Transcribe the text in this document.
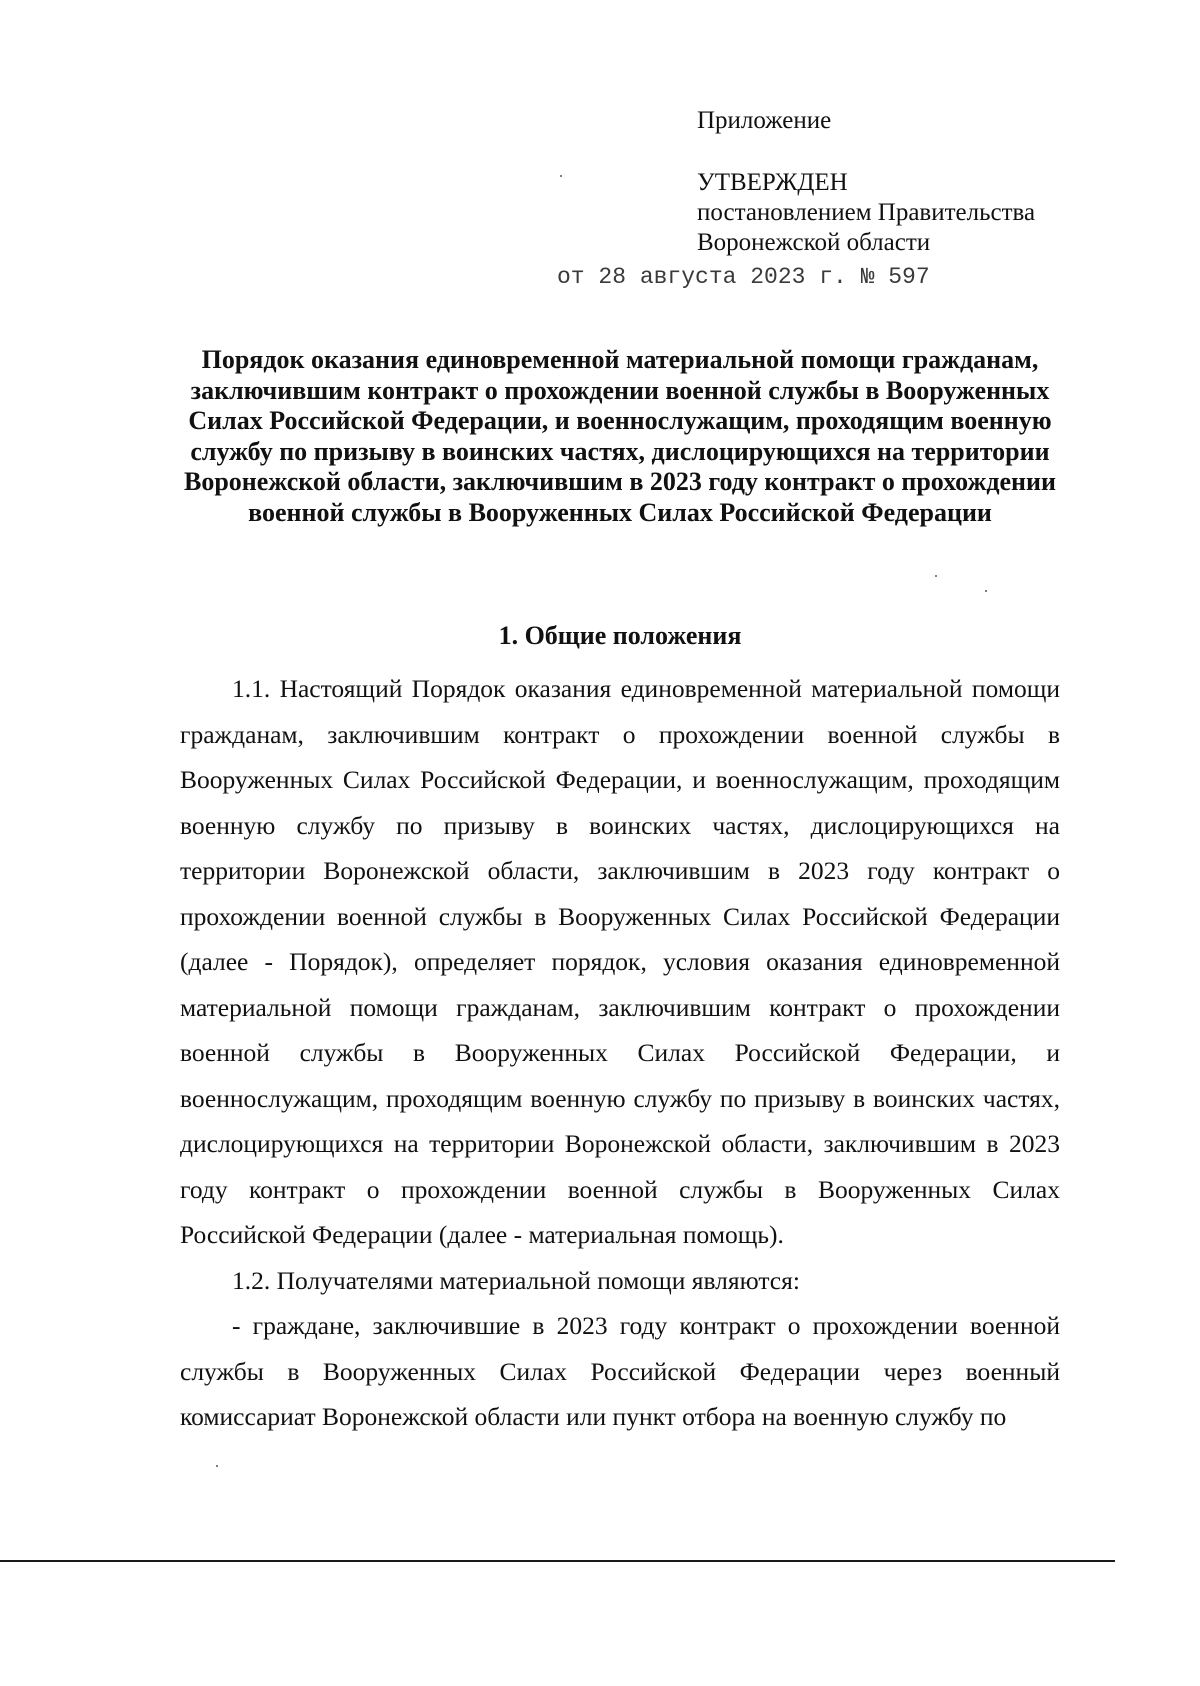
Приложение
УТВЕРЖДЕН
постановлением Правительства
Воронежской области
от 28 августа 2023 г. № 597
Порядок оказания единовременной материальной помощи гражданам, заключившим контракт о прохождении военной службы в Вооруженных Силах Российской Федерации, и военнослужащим, проходящим военную службу по призыву в воинских частях, дислоцирующихся на территории Воронежской области, заключившим в 2023 году контракт о прохождении военной службы в Вооруженных Силах Российской Федерации
1. Общие положения

1.1. Настоящий Порядок оказания единовременной материальной помощи гражданам, заключившим контракт о прохождении военной службы в Вооруженных Силах Российской Федерации, и военнослужащим, проходящим военную службу по призыву в воинских частях, дислоцирующихся на территории Воронежской области, заключившим в 2023 году контракт о прохождении военной службы в Вооруженных Силах Российской Федерации (далее - Порядок), определяет порядок, условия оказания единовременной материальной помощи гражданам, заключившим контракт о прохождении военной службы в Вооруженных Силах Российской Федерации, и военнослужащим, проходящим военную службу по призыву в воинских частях, дислоцирующихся на территории Воронежской области, заключившим в 2023 году контракт о прохождении военной службы в Вооруженных Силах Российской Федерации (далее - материальная помощь).

1.2. Получателями материальной помощи являются:

- граждане, заключившие в 2023 году контракт о прохождении военной службы в Вооруженных Силах Российской Федерации через военный комиссариат Воронежской области или пункт отбора на военную службу по
